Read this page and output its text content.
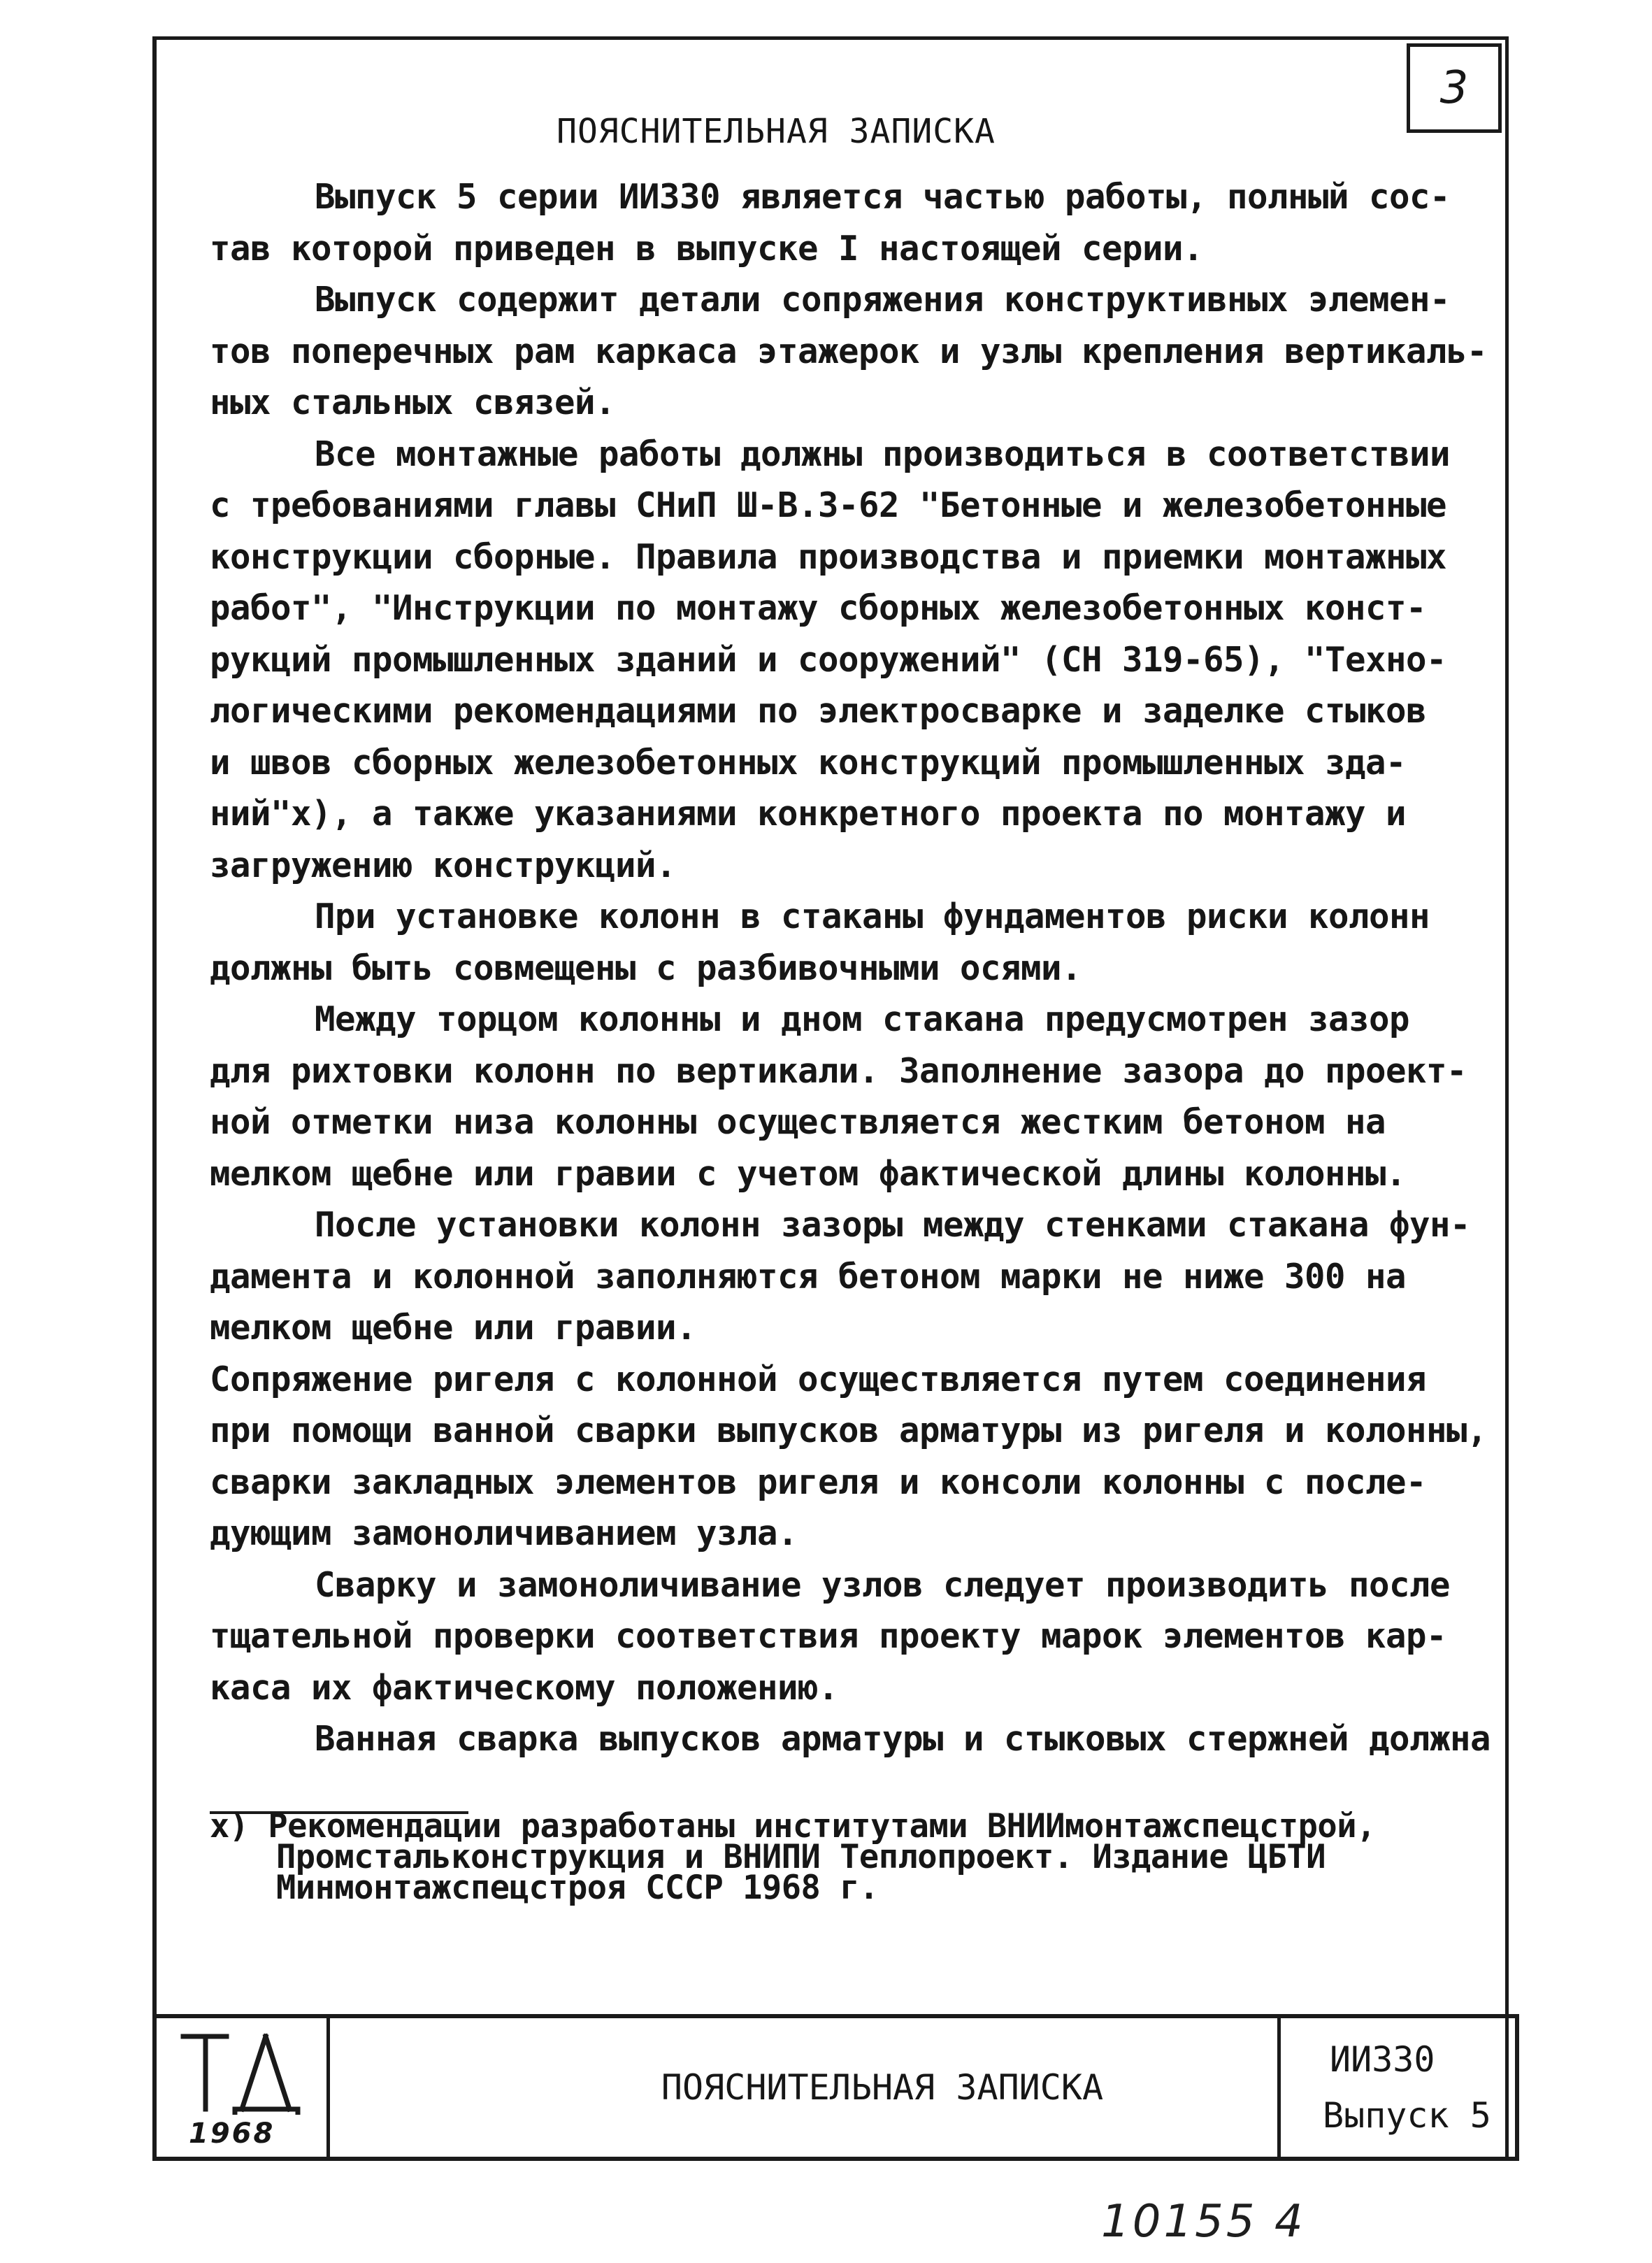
3
ПОЯСНИТЕЛЬНАЯ ЗАПИСКА
Выпуск 5 серии ИИ330 является частью работы, полный сос-
тав которой приведен в выпуске I настоящей серии.
Выпуск содержит детали сопряжения конструктивных элемен-
тов поперечных рам каркаса этажерок и узлы крепления вертикаль-
ных стальных связей.
Все монтажные работы должны производиться в соответствии
с требованиями главы СНиП Ш-В.3-62 "Бетонные и железобетонные
конструкции сборные. Правила производства и приемки монтажных
работ", "Инструкции по монтажу сборных железобетонных конст-
рукций промышленных зданий и сооружений" (СН 319-65), "Техно-
логическими рекомендациями по электросварке и заделке стыков
и швов сборных железобетонных конструкций промышленных зда-
ний"x), а также указаниями конкретного проекта по монтажу и
загружению конструкций.
При установке колонн в стаканы фундаментов риски колонн
должны быть совмещены с разбивочными осями.
Между торцом колонны и дном стакана предусмотрен зазор
для рихтовки колонн по вертикали. Заполнение зазора до проект-
ной отметки низа колонны осуществляется жестким бетоном на
мелком щебне или гравии с учетом фактической длины колонны.
После установки колонн зазоры между стенками стакана фун-
дамента и колонной заполняются бетоном марки не ниже 300 на
мелком щебне или гравии.
Сопряжение ригеля с колонной осуществляется путем соединения
при помощи ванной сварки выпусков арматуры из ригеля и колонны,
сварки закладных элементов ригеля и консоли колонны с после-
дующим замоноличиванием узла.
Сварку и замоноличивание узлов следует производить после
тщательной проверки соответствия проекту марок элементов кар-
каса их фактическому положению.
Ванная сварка выпусков арматуры и стыковых стержней должна
x) Рекомендации разработаны институтами ВНИИмонтажспецстрой,
Промстальконструкция и ВНИПИ Теплопроект. Издание ЦБТИ
Минмонтажспецстроя СССР 1968 г.
1968
ПОЯСНИТЕЛЬНАЯ ЗАПИСКА
ИИ330
Выпуск 5
10155 4
